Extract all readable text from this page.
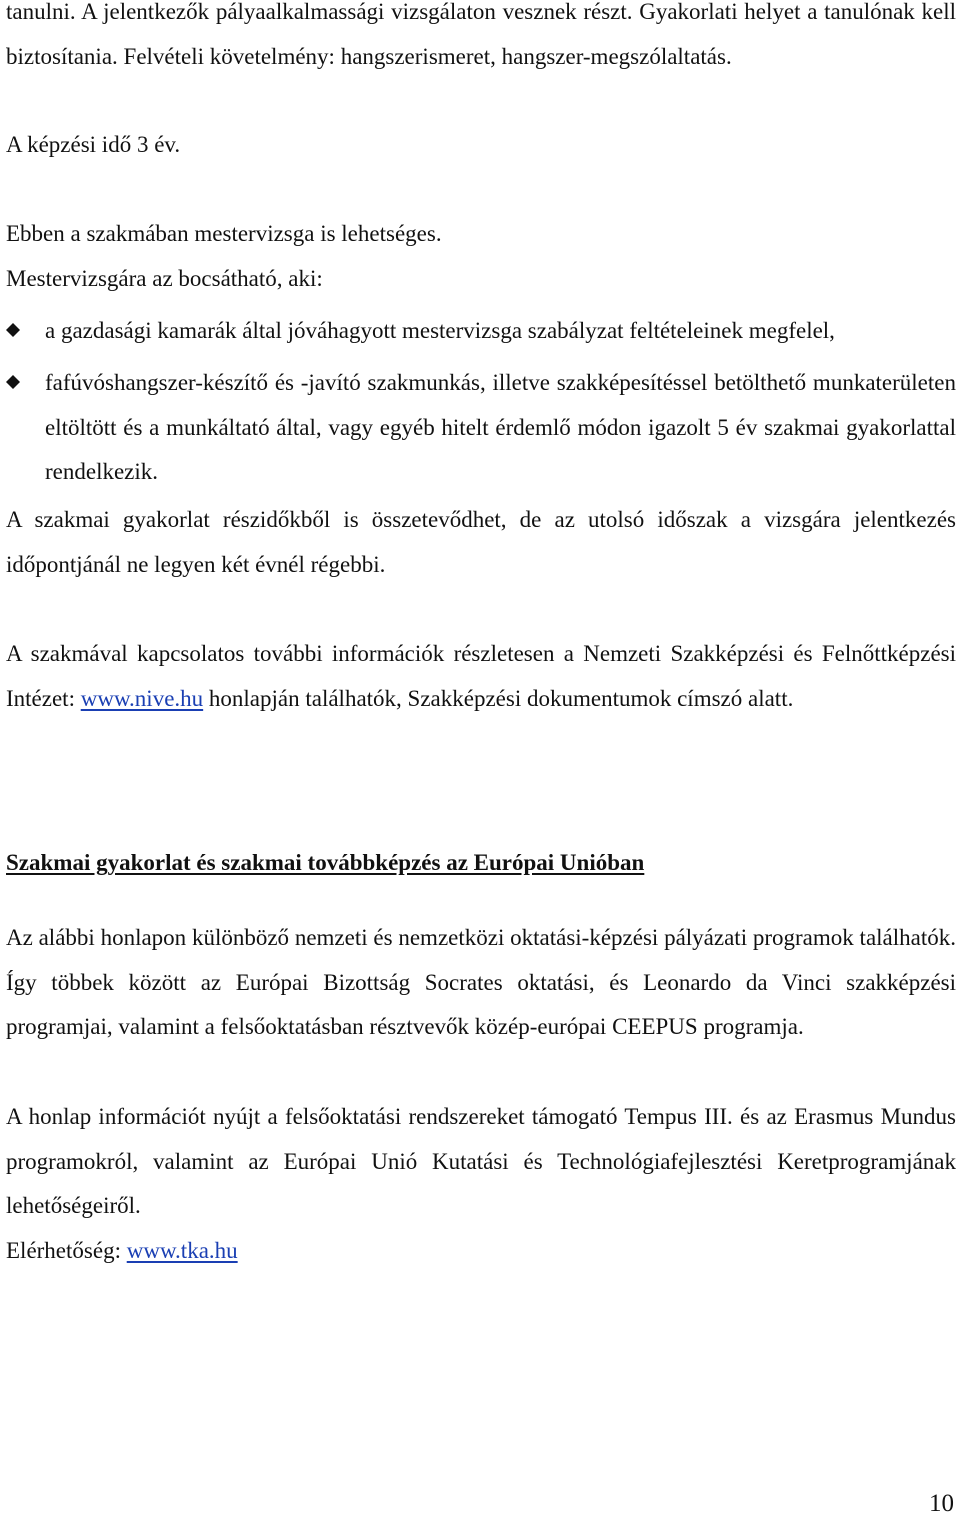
tanulni. A jelentkezők pályaalkalmassági vizsgálaton vesznek részt. Gyakorlati helyet a tanulónak kell biztosítania. Felvételi követelmény: hangszerismeret, hangszer-megszólaltatás.

A képzési idő 3 év.

Ebben a szakmában mestervizsga is lehetséges.

Mestervizsgára az bocsátható, aki:

a gazdasági kamarák által jóváhagyott mestervizsga szabályzat feltételeinek megfelel,

fafúvóshangszer-készítő és -javító szakmunkás, illetve szakképesítéssel betölthető munkaterületen eltöltött és a munkáltató által, vagy egyéb hitelt érdemlő módon igazolt 5 év szakmai gyakorlattal rendelkezik.

A szakmai gyakorlat részidőkből is összetevődhet, de az utolsó időszak a vizsgára jelentkezés időpontjánál ne legyen két évnél régebbi.

A szakmával kapcsolatos további információk részletesen a Nemzeti Szakképzési és Felnőttképzési Intézet: www.nive.hu honlapján találhatók, Szakképzési dokumentumok címszó alatt.

Szakmai gyakorlat és szakmai továbbképzés az Európai Unióban

Az alábbi honlapon különböző nemzeti és nemzetközi oktatási-képzési pályázati programok találhatók. Így többek között az Európai Bizottság Socrates oktatási, és Leonardo da Vinci szakképzési programjai, valamint a felsőoktatásban résztvevők közép-európai CEEPUS programja.

A honlap információt nyújt a felsőoktatási rendszereket támogató Tempus III. és az Erasmus Mundus programokról, valamint az Európai Unió Kutatási és Technológiafejlesztési Keretprogramjának lehetőségeiről.

Elérhetőség: www.tka.hu

10
